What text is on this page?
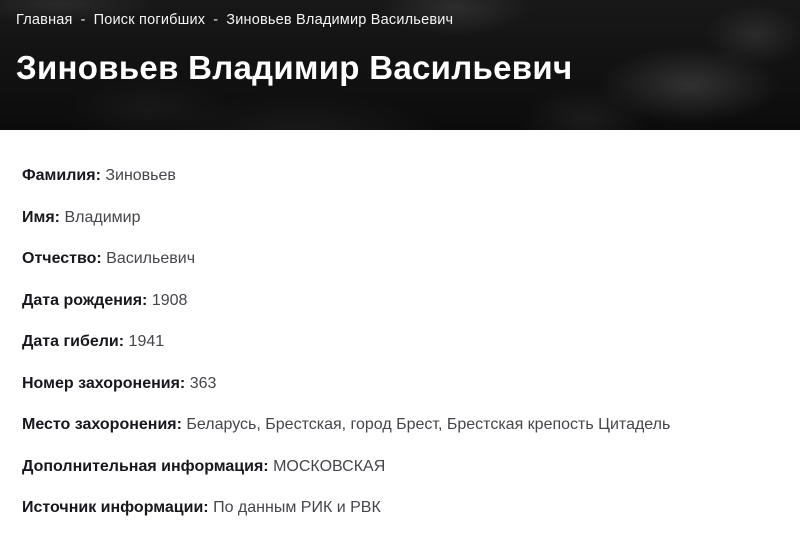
Главная - Поиск погибших - Зиновьев Владимир Васильевич
Зиновьев Владимир Васильевич
Фамилия: Зиновьев
Имя: Владимир
Отчество: Васильевич
Дата рождения: 1908
Дата гибели: 1941
Номер захоронения: 363
Место захоронения: Беларусь, Брестская, город Брест, Брестская крепость Цитадель
Дополнительная информация: МОСКОВСКАЯ
Источник информации: По данным РИК и РВК
